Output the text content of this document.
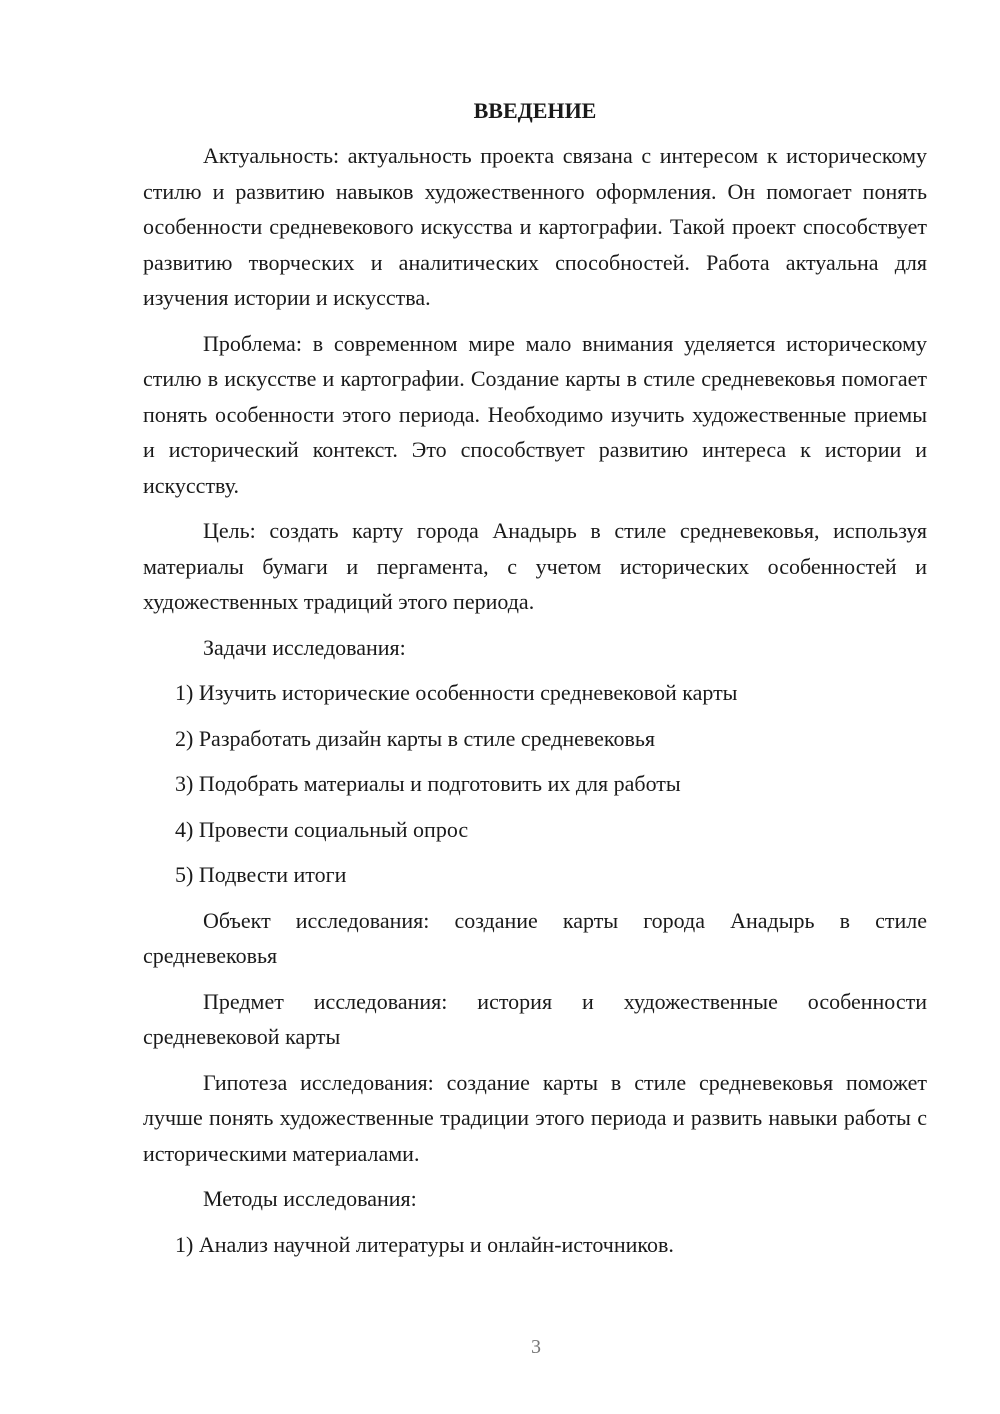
ВВЕДЕНИЕ

Актуальность: актуальность проекта связана с интересом к историческому стилю и развитию навыков художественного оформления. Он помогает понять особенности средневекового искусства и картографии. Такой проект способствует развитию творческих и аналитических способностей. Работа актуальна для изучения истории и искусства.

Проблема: в современном мире мало внимания уделяется историческому стилю в искусстве и картографии. Создание карты в стиле средневековья помогает понять особенности этого периода. Необходимо изучить художественные приемы и исторический контекст. Это способствует развитию интереса к истории и искусству.

Цель: создать карту города Анадырь в стиле средневековья, используя материалы бумаги и пергамента, с учетом исторических особенностей и художественных традиций этого периода.

Задачи исследования:

1) Изучить исторические особенности средневековой карты

2) Разработать дизайн карты в стиле средневековья

3) Подобрать материалы и подготовить их для работы

4) Провести социальный опрос

5) Подвести итоги

Объект исследования: создание карты города Анадырь в стиле средневековья

Предмет исследования: история и художественные особенности средневековой карты

Гипотеза исследования: создание карты в стиле средневековья поможет лучше понять художественные традиции этого периода и развить навыки работы с историческими материалами.

Методы исследования:

1) Анализ научной литературы и онлайн-источников.

3
